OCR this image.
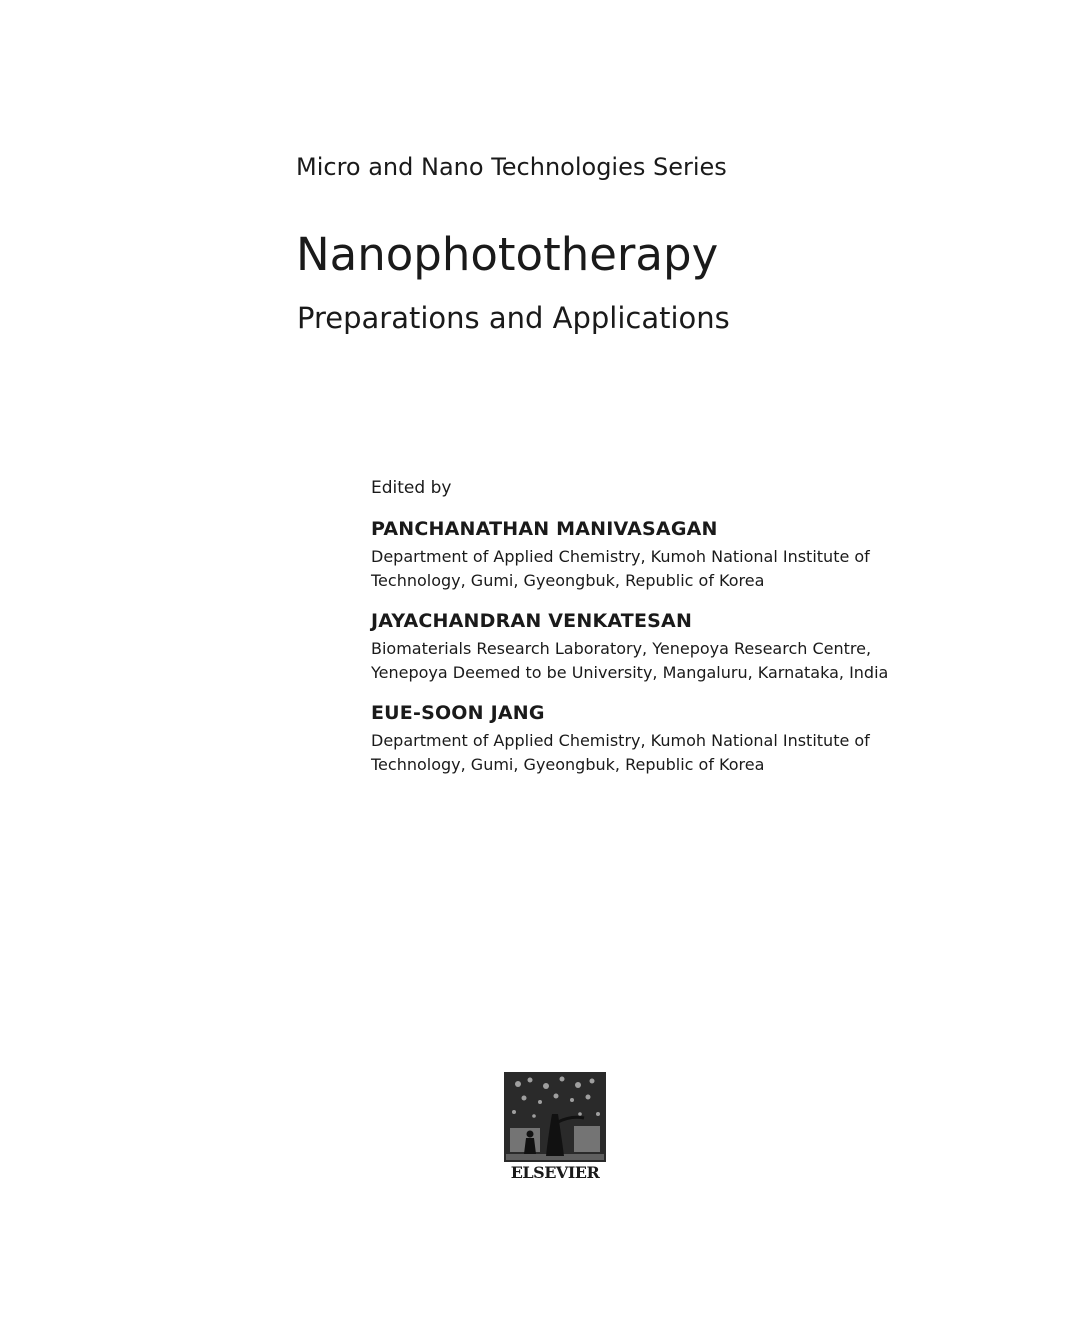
Micro and Nano Technologies Series
Nanophototherapy
Preparations and Applications
Edited by
PANCHANATHAN MANIVASAGAN
Department of Applied Chemistry, Kumoh National Institute of
Technology, Gumi, Gyeongbuk, Republic of Korea
JAYACHANDRAN VENKATESAN
Biomaterials Research Laboratory, Yenepoya Research Centre,
Yenepoya Deemed to be University, Mangaluru, Karnataka, India
EUE-SOON JANG
Department of Applied Chemistry, Kumoh National Institute of
Technology, Gumi, Gyeongbuk, Republic of Korea
ELSEVIER
